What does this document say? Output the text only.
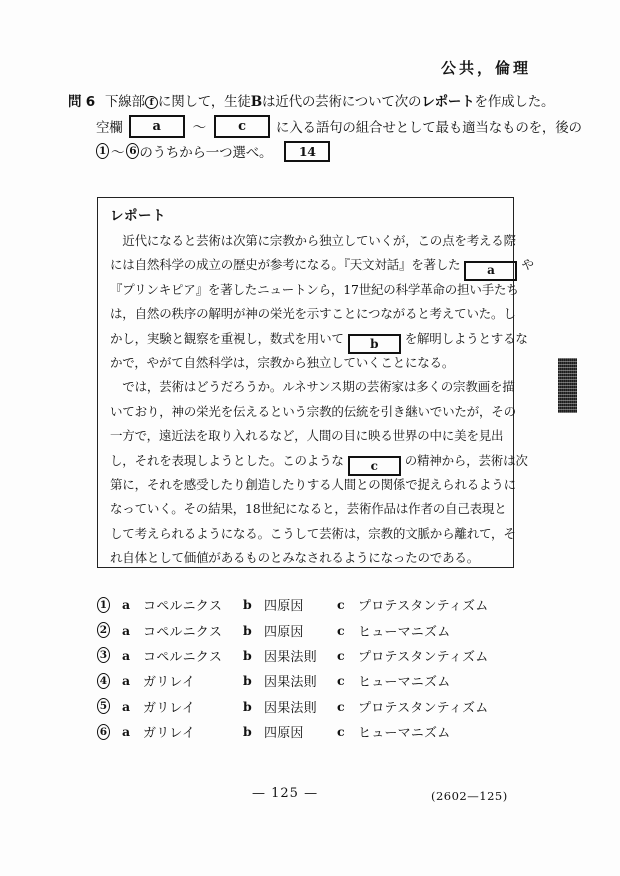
公共，倫理
問 6 下線部 f に関して，生徒Bは近代の芸術について次のレポートを作成した。
空欄	a	～	c	に入る語句の組合せとして最も適当なものを，後の
1 ～ 6 のうちから一つ選べ。	14
レポート
　近代になると芸術は次第に宗教から独立していくが，この点を考える際
には自然科学の成立の歴史が参考になる。『天文対話』を著した a や
『プリンキピア』を著したニュートンら，17世紀の科学革命の担い手たち
は，自然の秩序の解明が神の栄光を示すことにつながると考えていた。し
かし，実験と観察を重視し，数式を用いて b を解明しようとするな
かで，やがて自然科学は，宗教から独立していくことになる。
　では，芸術はどうだろうか。ルネサンス期の芸術家は多くの宗教画を描
いており，神の栄光を伝えるという宗教的伝統を引き継いでいたが，その
一方で，遠近法を取り入れるなど，人間の目に映る世界の中に美を見出
し，それを表現しようとした。このような c の精神から，芸術は次
第に，それを感受したり創造したりする人間との関係で捉えられるように
なっていく。その結果，18世紀になると，芸術作品は作者の自己表現と
して考えられるようになる。こうして芸術は，宗教的文脈から離れて，そ
れ自体として価値があるものとみなされるようになったのである。
1 a コペルニクス	b 四原因	c	プロテスタンティズム
2 a コペルニクス	b 四原因	c	ヒューマニズム
3 a コペルニクス	b 因果法則	c	プロテスタンティズム
4 a ガリレイ	b 因果法則	c	ヒューマニズム
5 a ガリレイ	b 因果法則	c	プロテスタンティズム
6 a ガリレイ	b 四原因	c	ヒューマニズム
— 125 —	(2602—125)
